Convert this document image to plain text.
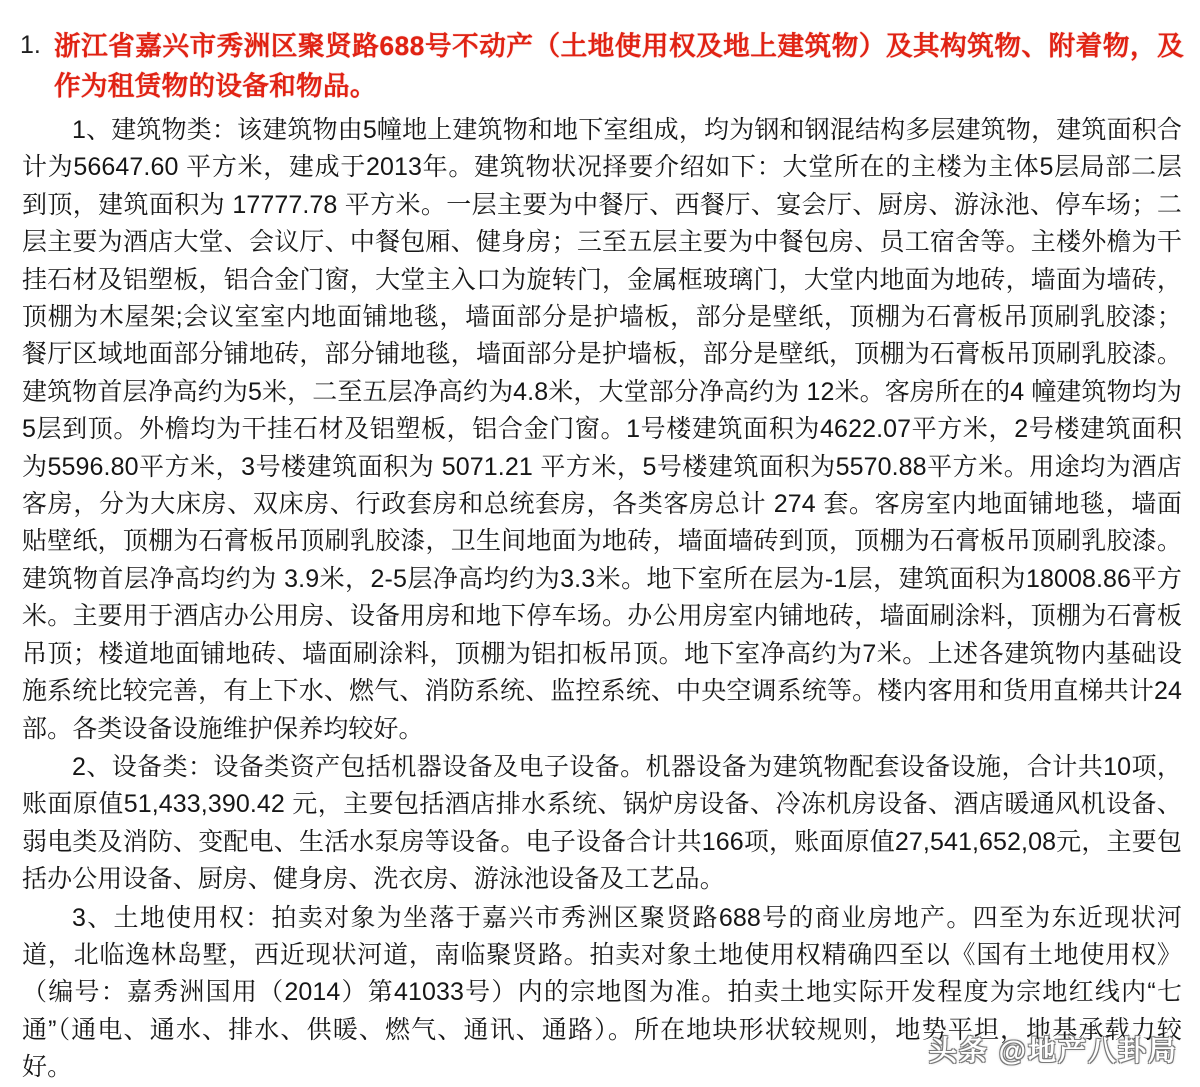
1. 浙江省嘉兴市秀洲区聚贤路688号不动产（土地使用权及地上建筑物）及其构筑物、附着物，及作为租赁物的设备和物品。

1、建筑物类：该建筑物由5幢地上建筑物和地下室组成，均为钢和钢混结构多层建筑物，建筑面积合计为56647.60 平方米，建成于2013年。建筑物状况择要介绍如下：大堂所在的主楼为主体5层局部二层到顶，建筑面积为 17777.78 平方米。一层主要为中餐厅、西餐厅、宴会厅、厨房、游泳池、停车场；二层主要为酒店大堂、会议厅、中餐包厢、健身房；三至五层主要为中餐包房、员工宿舍等。主楼外檐为干挂石材及铝塑板，铝合金门窗，大堂主入口为旋转门，金属框玻璃门，大堂内地面为地砖，墙面为墙砖，顶棚为木屋架;会议室室内地面铺地毯，墙面部分是护墙板，部分是壁纸，顶棚为石膏板吊顶刷乳胶漆；餐厅区域地面部分铺地砖，部分铺地毯，墙面部分是护墙板，部分是壁纸，顶棚为石膏板吊顶刷乳胶漆。建筑物首层净高约为5米，二至五层净高约为4.8米，大堂部分净高约为 12米。客房所在的4 幢建筑物均为5层到顶。外檐均为干挂石材及铝塑板，铝合金门窗。1号楼建筑面积为4622.07平方米，2号楼建筑面积为5596.80平方米，3号楼建筑面积为 5071.21 平方米，5号楼建筑面积为5570.88平方米。用途均为酒店客房，分为大床房、双床房、行政套房和总统套房，各类客房总计 274 套。客房室内地面铺地毯，墙面贴壁纸，顶棚为石膏板吊顶刷乳胶漆，卫生间地面为地砖，墙面墙砖到顶，顶棚为石膏板吊顶刷乳胶漆。建筑物首层净高均约为 3.9米，2-5层净高均约为3.3米。地下室所在层为-1层，建筑面积为18008.86平方米。主要用于酒店办公用房、设备用房和地下停车场。办公用房室内铺地砖，墙面刷涂料，顶棚为石膏板吊顶；楼道地面铺地砖、墙面刷涂料，顶棚为铝扣板吊顶。地下室净高约为7米。上述各建筑物内基础设施系统比较完善，有上下水、燃气、消防系统、监控系统、中央空调系统等。楼内客用和货用直梯共计24部。各类设备设施维护保养均较好。

2、设备类：设备类资产包括机器设备及电子设备。机器设备为建筑物配套设备设施，合计共10项，账面原值51,433,390.42 元，主要包括酒店排水系统、锅炉房设备、冷冻机房设备、酒店暖通风机设备、弱电类及消防、变配电、生活水泵房等设备。电子设备合计共166项，账面原值27,541,652,08元，主要包括办公用设备、厨房、健身房、洗衣房、游泳池设备及工艺品。

3、土地使用权：拍卖对象为坐落于嘉兴市秀洲区聚贤路688号的商业房地产。四至为东近现状河道，北临逸林岛墅，西近现状河道，南临聚贤路。拍卖对象土地使用权精确四至以《国有土地使用权》（编号：嘉秀洲国用（2014）第41033号）内的宗地图为准。拍卖土地实际开发程度为宗地红线内“七通”（通电、通水、排水、供暖、燃气、通讯、通路）。所在地块形状较规则，地势平坦，地基承载力较好。

头条 @地产八卦局
